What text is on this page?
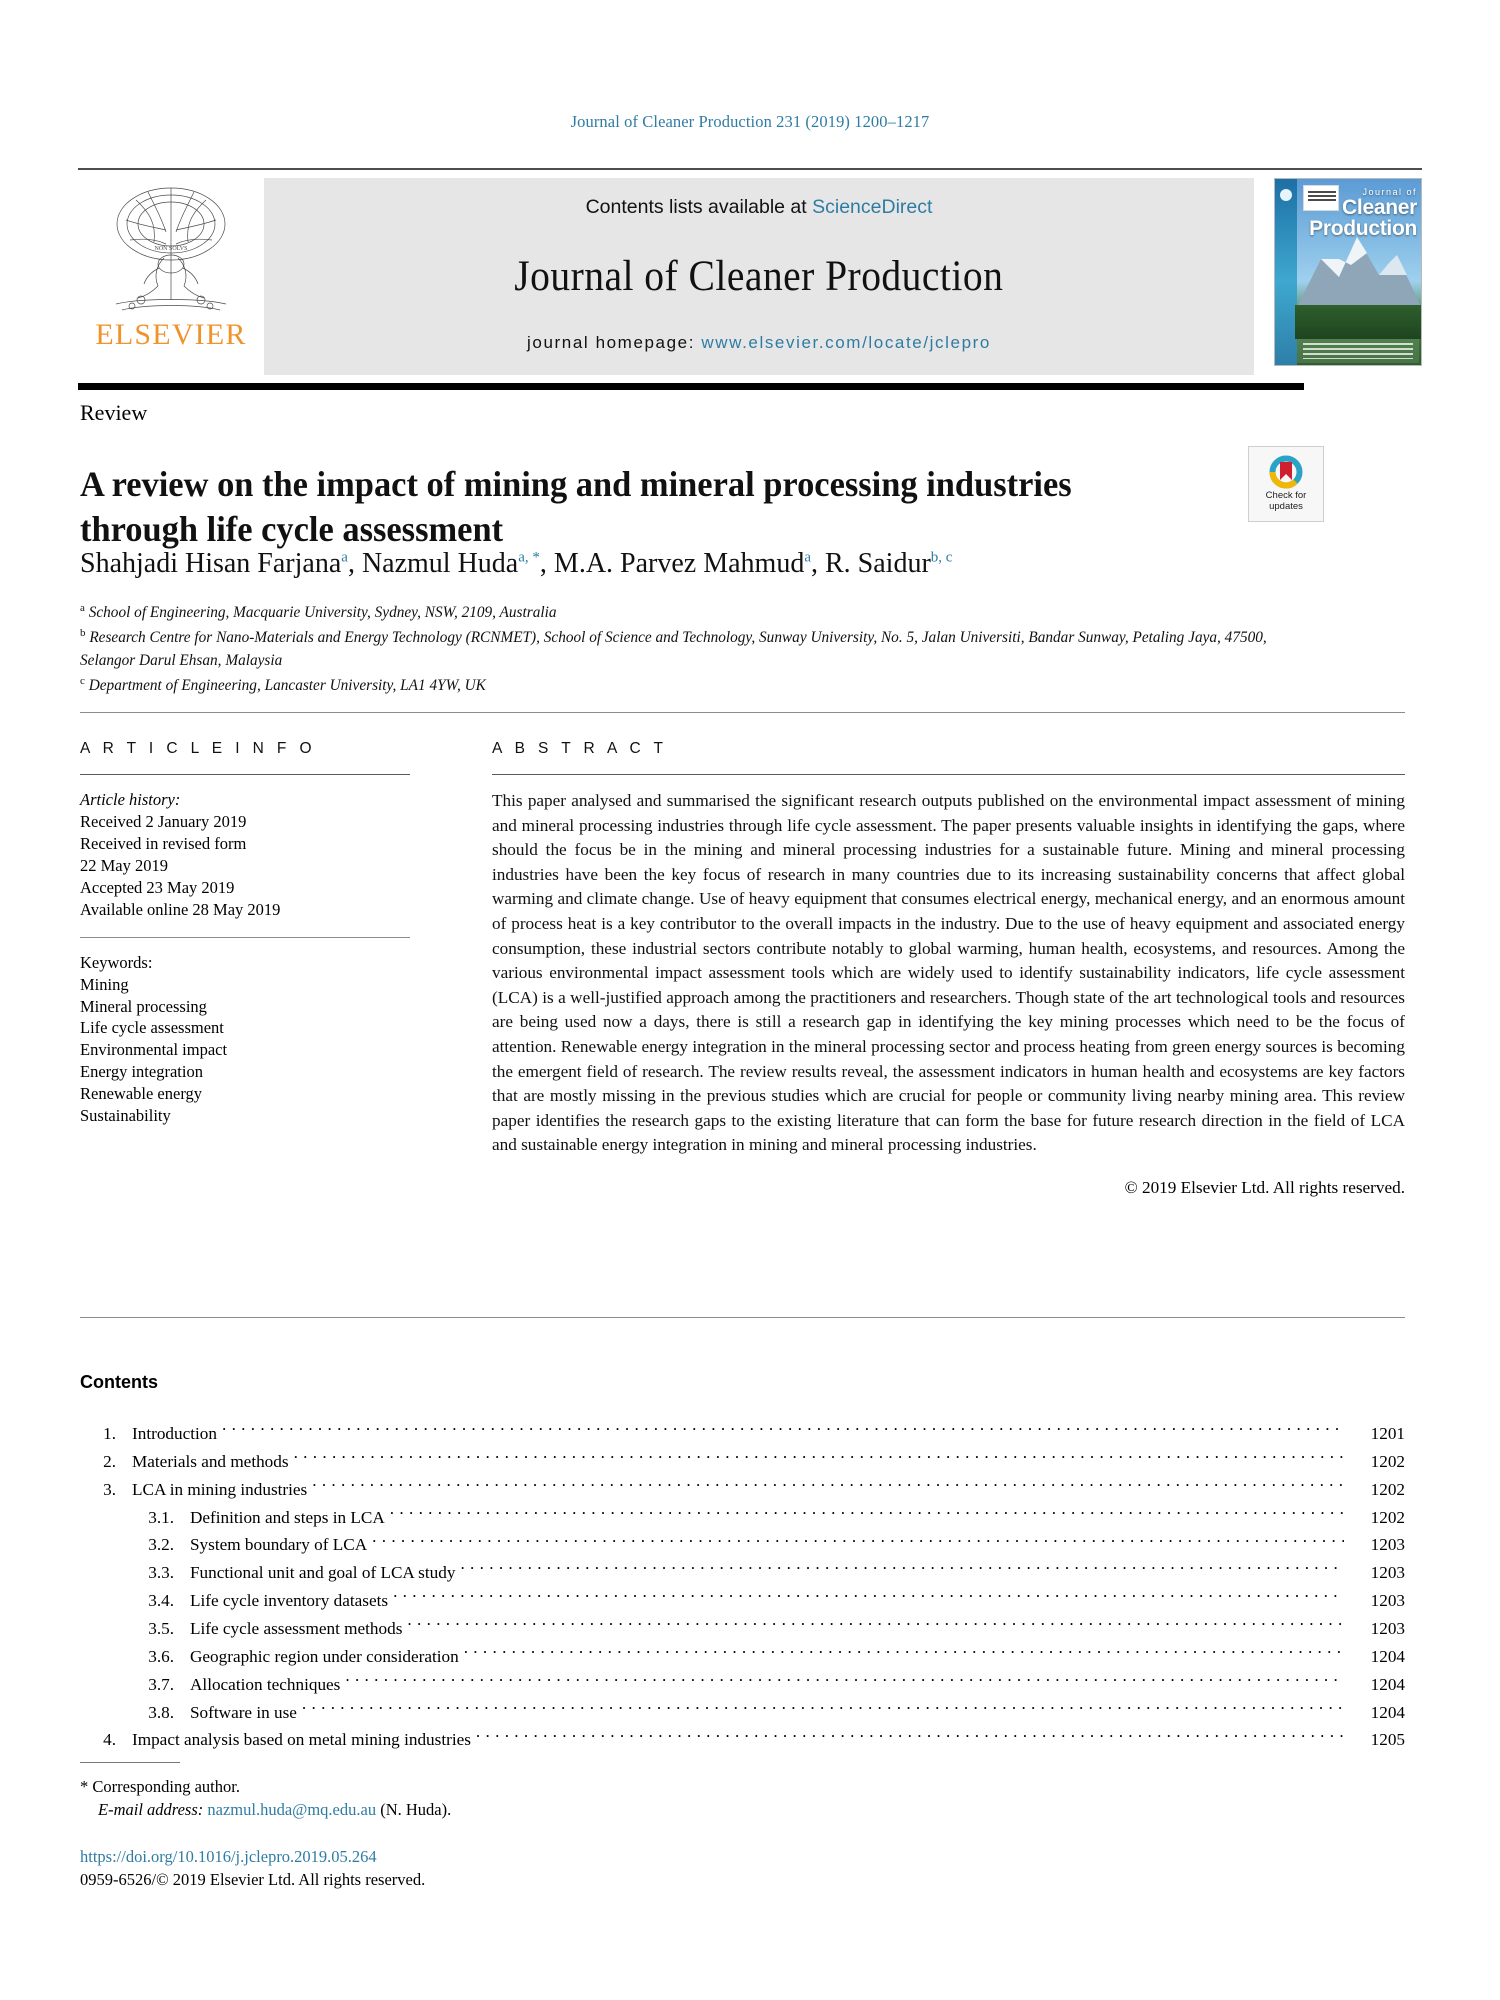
Journal of Cleaner Production 231 (2019) 1200–1217
NON SOLVS
ELSEVIER
Contents lists available at ScienceDirect
Journal of Cleaner Production
journal homepage: www.elsevier.com/locate/jclepro
Journal of
Cleaner
Production
Review
A review on the impact of mining and mineral processing industries through life cycle assessment
Check for
updates
Shahjadi Hisan Farjana$^a$, Nazmul Huda$^{a, *}$, M.A. Parvez Mahmud$^a$, R. Saidur$^{b, c}$
$^a$ School of Engineering, Macquarie University, Sydney, NSW, 2109, Australia
$^b$ Research Centre for Nano-Materials and Energy Technology (RCNMET), School of Science and Technology, Sunway University, No. 5, Jalan Universiti, Bandar Sunway, Petaling Jaya, 47500, Selangor Darul Ehsan, Malaysia
$^c$ Department of Engineering, Lancaster University, LA1 4YW, UK
A R T I C L E I N F O
Article history:
Received 2 January 2019
Received in revised form
22 May 2019
Accepted 23 May 2019
Available online 28 May 2019
Keywords:
Mining
Mineral processing
Life cycle assessment
Environmental impact
Energy integration
Renewable energy
Sustainability
A B S T R A C T
This paper analysed and summarised the significant research outputs published on the environmental impact assessment of mining and mineral processing industries through life cycle assessment. The paper presents valuable insights in identifying the gaps, where should the focus be in the mining and mineral processing industries for a sustainable future. Mining and mineral processing industries have been the key focus of research in many countries due to its increasing sustainability concerns that affect global warming and climate change. Use of heavy equipment that consumes electrical energy, mechanical energy, and an enormous amount of process heat is a key contributor to the overall impacts in the industry. Due to the use of heavy equipment and associated energy consumption, these industrial sectors contribute notably to global warming, human health, ecosystems, and resources. Among the various environmental impact assessment tools which are widely used to identify sustainability indicators, life cycle assessment (LCA) is a well-justified approach among the practitioners and researchers. Though state of the art technological tools and resources are being used now a days, there is still a research gap in identifying the key mining processes which need to be the focus of attention. Renewable energy integration in the mineral processing sector and process heating from green energy sources is becoming the emergent field of research. The review results reveal, the assessment indicators in human health and ecosystems are key factors that are mostly missing in the previous studies which are crucial for people or community living nearby mining area. This review paper identifies the research gaps to the existing literature that can form the base for future research direction in the field of LCA and sustainable energy integration in mining and mineral processing industries.
© 2019 Elsevier Ltd. All rights reserved.
Contents
1. Introduction . . .	1201
2. Materials and methods . . .	1202
3. LCA in mining industries . . .	1202
3.1. Definition and steps in LCA . . .	1202
3.2. System boundary of LCA . . .	1203
3.3. Functional unit and goal of LCA study . . .	1203
3.4. Life cycle inventory datasets . . .	1203
3.5. Life cycle assessment methods . . .	1203
3.6. Geographic region under consideration . . .	1204
3.7. Allocation techniques . . .	1204
3.8. Software in use . . .	1204
4. Impact analysis based on metal mining industries . . .	1205
* Corresponding author.
E-mail address: nazmul.huda@mq.edu.au (N. Huda).
https://doi.org/10.1016/j.jclepro.2019.05.264
0959-6526/© 2019 Elsevier Ltd. All rights reserved.
